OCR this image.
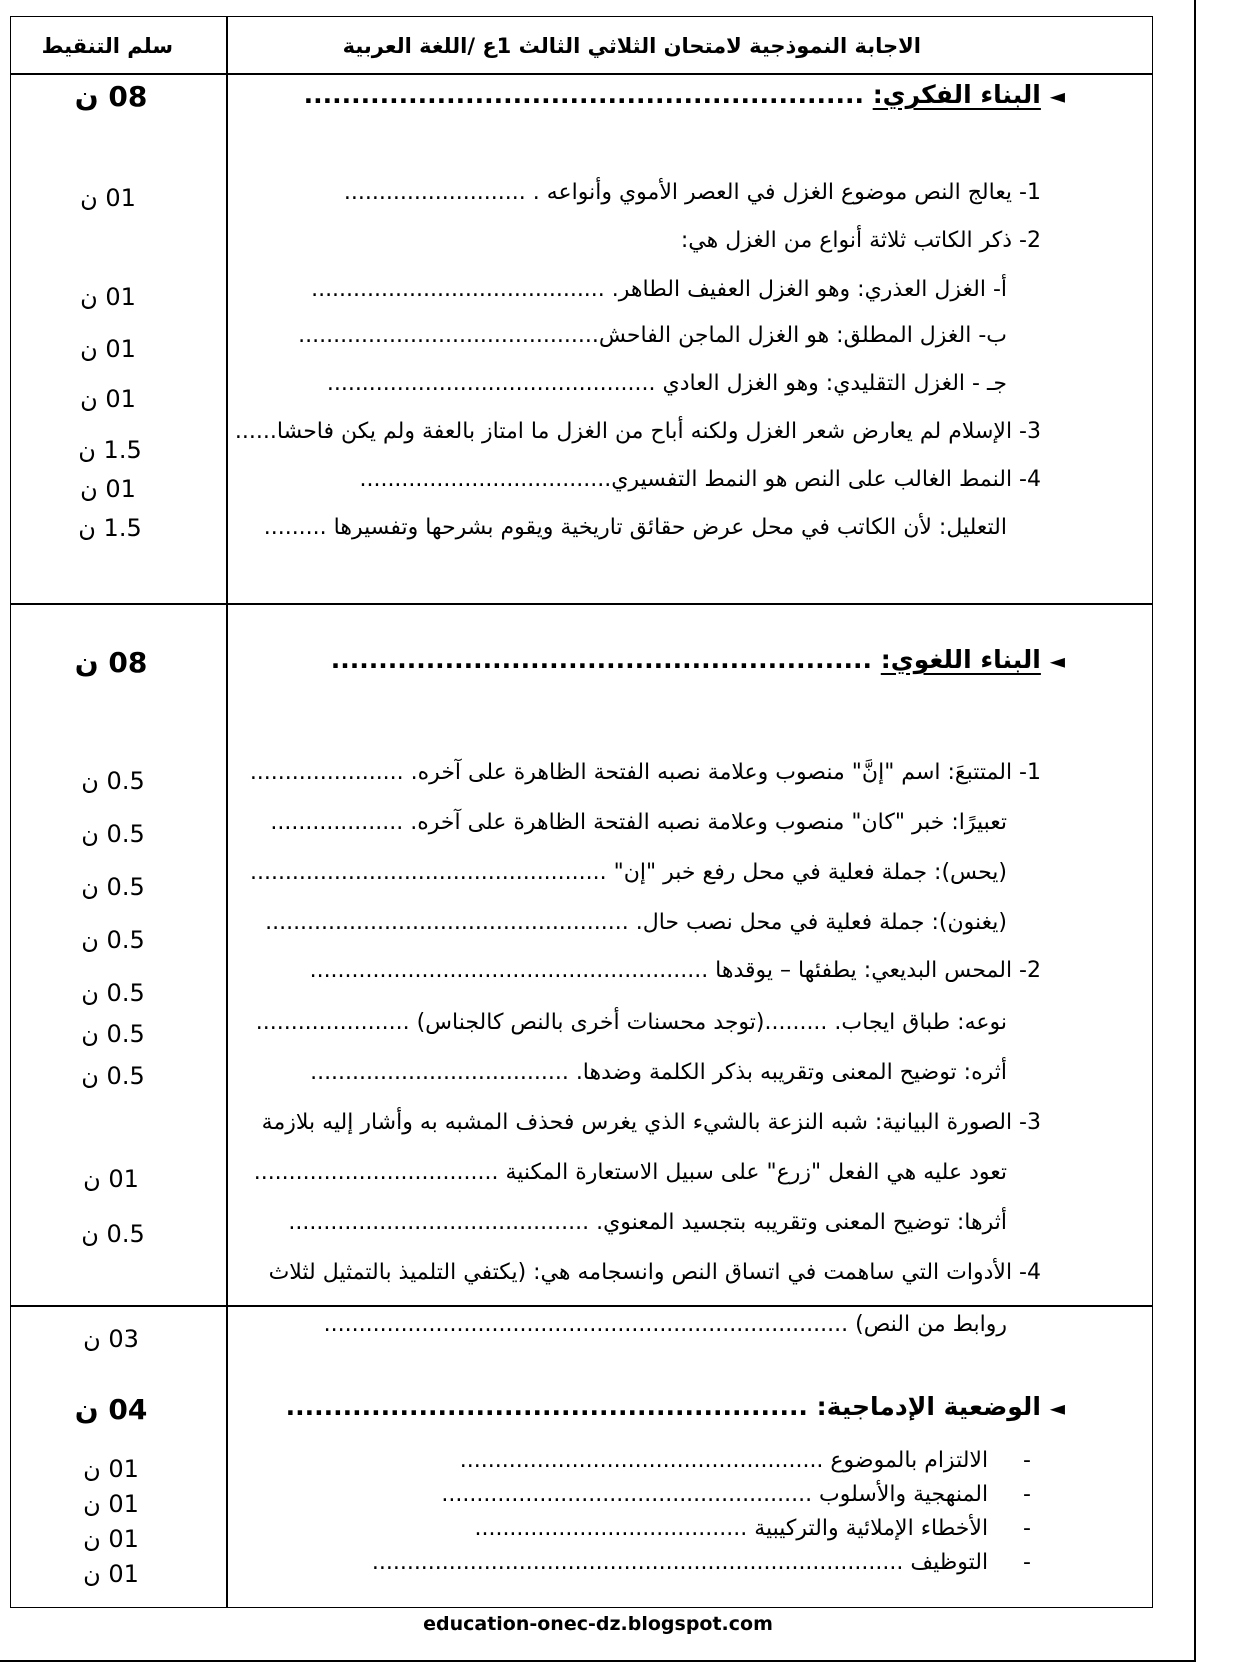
الاجابة النموذجية لامتحان الثلاثي الثالث 1ع /اللغة العربية
سلم التنقيط
◄ البناء الفكري: ...........................................................
08 ن
1- يعالج النص موضوع الغزل في العصر الأموي وأنواعه . ..........................
2- ذكر الكاتب ثلاثة أنواع من الغزل هي:
أ- الغزل العذري: وهو الغزل العفيف الطاهر. ..........................................
ب- الغزل المطلق: هو الغزل الماجن الفاحش...........................................
جـ - الغزل التقليدي: وهو الغزل العادي ...............................................
3- الإسلام لم يعارض شعر الغزل ولكنه أباح من الغزل ما امتاز بالعفة ولم يكن فاحشا......
4- النمط الغالب على النص هو النمط التفسيري....................................
التعليل: لأن الكاتب في محل عرض حقائق تاريخية ويقوم بشرحها وتفسيرها .........
01 ن
01 ن
01 ن
01 ن
1.5 ن
01 ن
1.5 ن
◄ البناء اللغوي: .........................................................
08 ن
1- المتتبعَ: اسم "إنَّ" منصوب وعلامة نصبه الفتحة الظاهرة على آخره. ......................
تعبيرًا: خبر "كان" منصوب وعلامة نصبه الفتحة الظاهرة على آخره. ...................
(يحس): جملة فعلية في محل رفع خبر "إن" ...................................................
(يغنون): جملة فعلية في محل نصب حال. ....................................................
2- المحس البديعي: يطفئها – يوقدها .........................................................
نوعه: طباق ايجاب. .........(توجد محسنات أخرى بالنص كالجناس) ......................
أثره: توضيح المعنى وتقريبه بذكر الكلمة وضدها. .....................................
3- الصورة البيانية: شبه النزعة بالشيء الذي يغرس فحذف المشبه به وأشار إليه بلازمة
تعود عليه هي الفعل "زرع" على سبيل الاستعارة المكنية ...................................
أثرها: توضيح المعنى وتقريبه بتجسيد المعنوي. ...........................................
4- الأدوات التي ساهمت في اتساق النص وانسجامه هي: (يكتفي التلميذ بالتمثيل لثلاث
روابط من النص) ...........................................................................
0.5 ن
0.5 ن
0.5 ن
0.5 ن
0.5 ن
0.5 ن
0.5 ن
01 ن
0.5 ن
03 ن
◄ الوضعية الإدماجية: .......................................................
04 ن
-     الالتزام بالموضوع ....................................................
-     المنهجية والأسلوب .....................................................
-     الأخطاء الإملائية والتركيبية .......................................
-     التوظيف ............................................................................
01 ن
01 ن
01 ن
01 ن
education-onec-dz.blogspot.com
